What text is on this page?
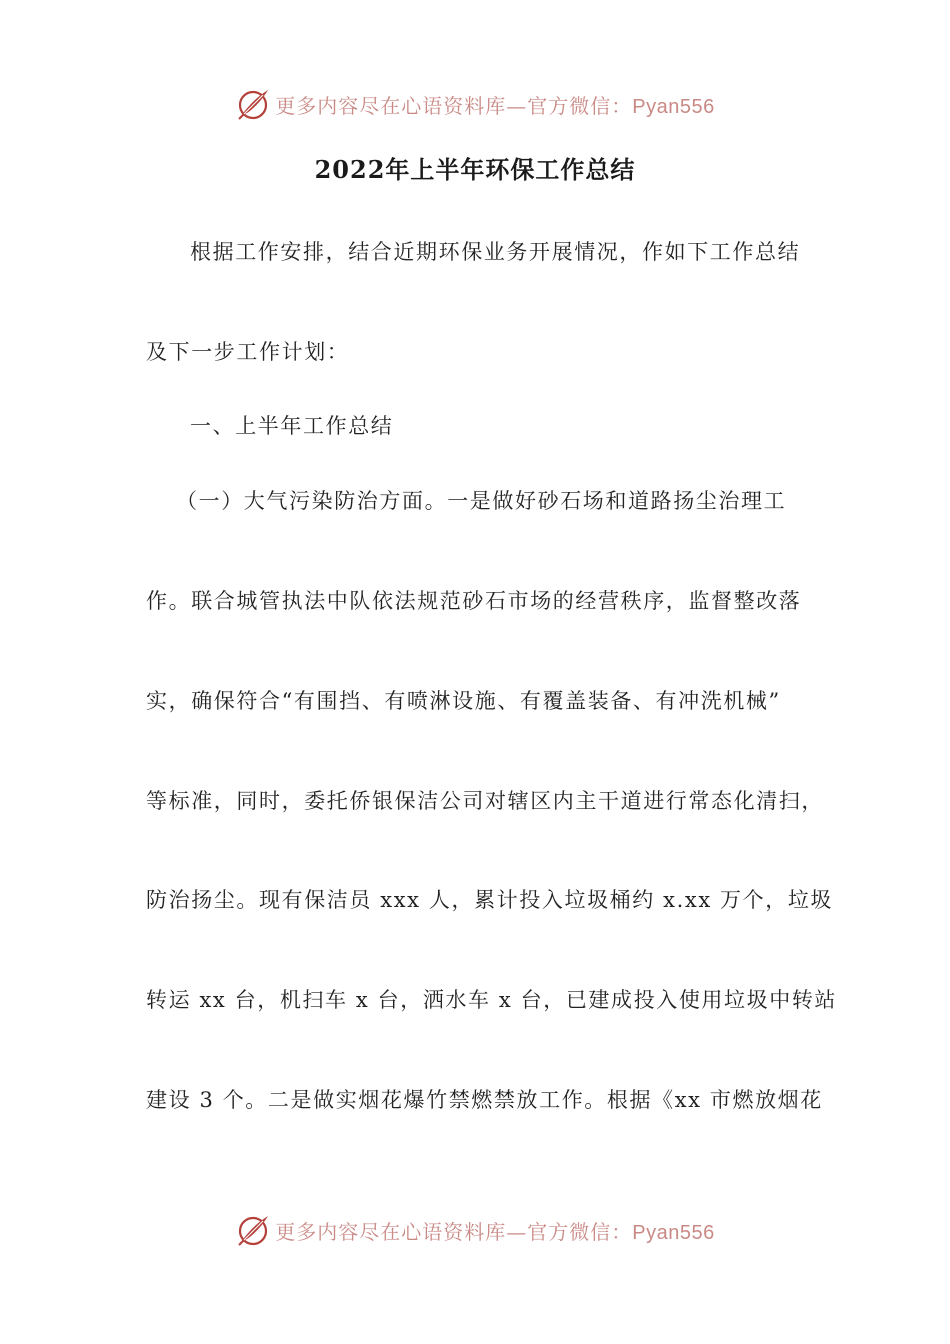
更多内容尽在心语资料库—官方微信：Pyan556
2022年上半年环保工作总结
根据工作安排，结合近期环保业务开展情况，作如下工作总结
及下一步工作计划：
一、上半年工作总结
（一）大气污染防治方面。一是做好砂石场和道路扬尘治理工
作。联合城管执法中队依法规范砂石市场的经营秩序，监督整改落
实，确保符合“有围挡、有喷淋设施、有覆盖装备、有冲洗机械”
等标准，同时，委托侨银保洁公司对辖区内主干道进行常态化清扫，
防治扬尘。现有保洁员 xxx 人，累计投入垃圾桶约 x.xx 万个，垃圾
转运 xx 台，机扫车 x 台，洒水车 x 台，已建成投入使用垃圾中转站
建设 3 个。二是做实烟花爆竹禁燃禁放工作。根据《xx 市燃放烟花
更多内容尽在心语资料库—官方微信：Pyan556
